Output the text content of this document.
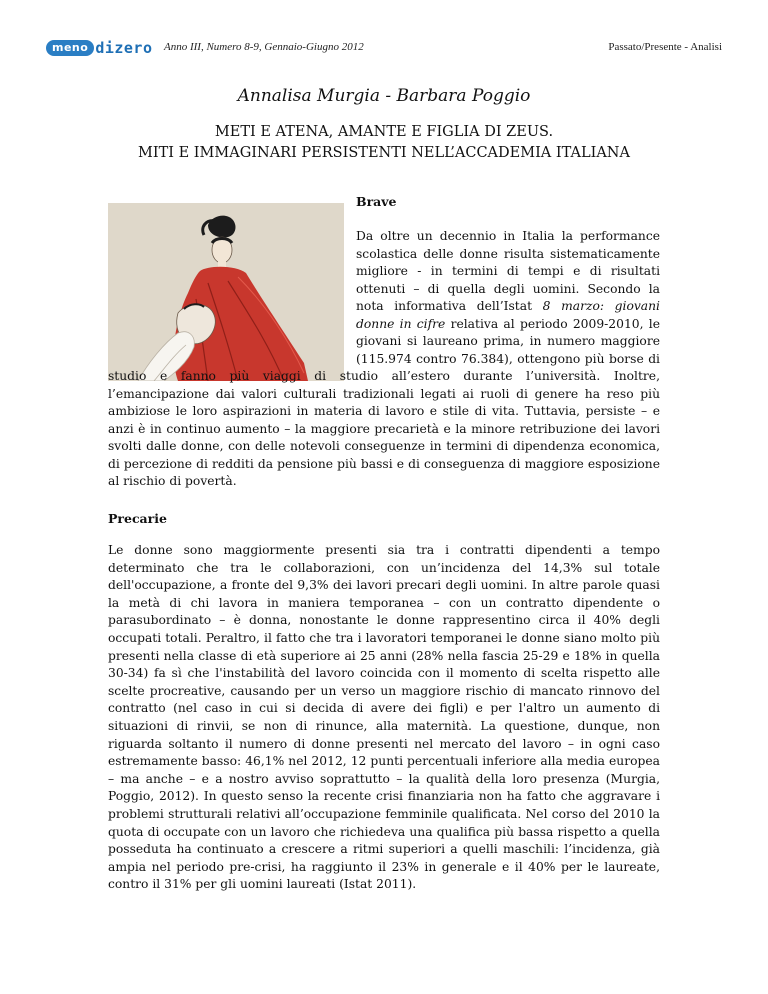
meno dizero Anno III, Numero 8-9, Gennaio-Giugno 2012	Passato/Presente - Analisi
Annalisa Murgia - Barbara Poggio
METI E ATENA, AMANTE E FIGLIA DI ZEUS.
MITI E IMMAGINARI PERSISTENTI NELL’ACCADEMIA ITALIANA
Brave

Da oltre un decennio in Italia la performance scolastica delle donne risulta sistematicamente migliore - in termini di tempi e di risultati ottenuti – di quella degli uomini. Secondo la nota informativa dell’Istat 8 marzo: giovani donne in cifre relativa al periodo 2009-2010, le giovani si laureano prima, in numero maggiore (115.974 contro 76.384), ottengono più borse di studio e fanno più viaggi di studio all’estero durante l’università. Inoltre, l’emancipazione dai valori culturali tradizionali legati ai ruoli di genere ha reso più ambiziose le loro aspirazioni in materia di lavoro e stile di vita. Tuttavia, persiste – e anzi è in continuo aumento – la maggiore precarietà e la minore retribuzione dei lavori svolti dalle donne, con delle notevoli conseguenze in termini di dipendenza economica, di percezione di redditi da pensione più bassi e di conseguenza di maggiore esposizione al rischio di povertà.

Precarie

Le donne sono maggiormente presenti sia tra i contratti dipendenti a tempo determinato che tra le collaborazioni, con un’incidenza del 14,3% sul totale dell'occupazione, a fronte del 9,3% dei lavori precari degli uomini. In altre parole quasi la metà di chi lavora in maniera temporanea – con un contratto dipendente o parasubordinato – è donna, nonostante le donne rappresentino circa il 40% degli occupati totali. Peraltro, il fatto che tra i lavoratori temporanei le donne siano molto più presenti nella classe di età superiore ai 25 anni (28% nella fascia 25-29 e 18% in quella 30-34) fa sì che l'instabilità del lavoro coincida con il momento di scelta rispetto alle scelte procreative, causando per un verso un maggiore rischio di mancato rinnovo del contratto (nel caso in cui si decida di avere dei figli) e per l'altro un aumento di situazioni di rinvii, se non di rinunce, alla maternità. La questione, dunque, non riguarda soltanto il numero di donne presenti nel mercato del lavoro – in ogni caso estremamente basso: 46,1% nel 2012, 12 punti percentuali inferiore alla media europea – ma anche – e a nostro avviso soprattutto – la qualità della loro presenza (Murgia, Poggio, 2012). In questo senso la recente crisi finanziaria non ha fatto che aggravare i problemi strutturali relativi all’occupazione femminile qualificata. Nel corso del 2010 la quota di occupate con un lavoro che richiedeva una qualifica più bassa rispetto a quella posseduta ha continuato a crescere a ritmi superiori a quelli maschili: l’incidenza, già ampia nel periodo pre-crisi, ha raggiunto il 23% in generale e il 40% per le laureate, contro il 31% per gli uomini laureati (Istat 2011).
